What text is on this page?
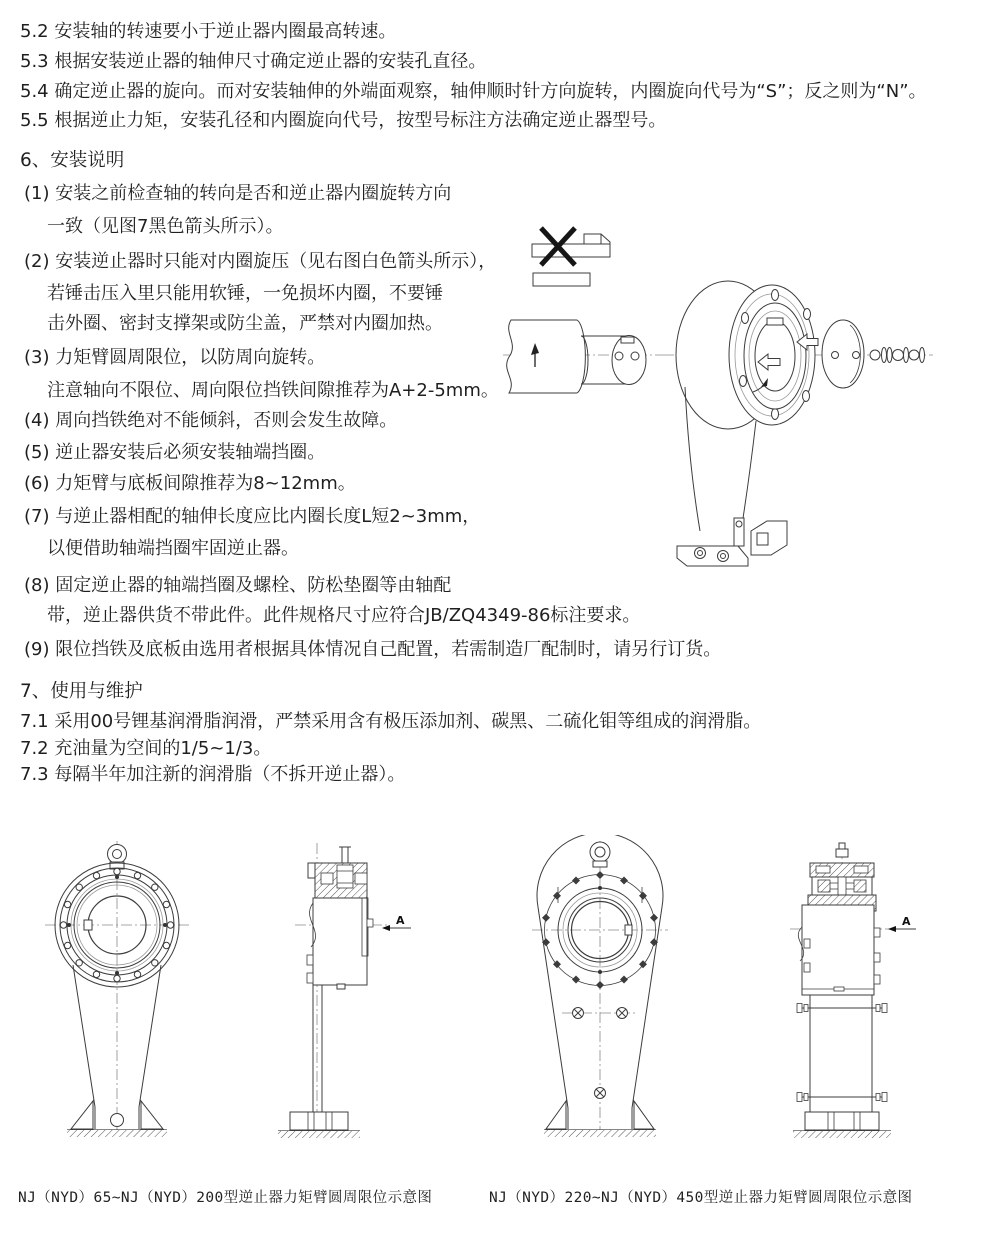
5.2 安装轴的转速要小于逆止器内圈最高转速。
5.3 根据安装逆止器的轴伸尺寸确定逆止器的安装孔直径。
5.4 确定逆止器的旋向。而对安装轴伸的外端面观察，轴伸顺时针方向旋转，内圈旋向代号为“S”；反之则为“N”。
5.5 根据逆止力矩，安装孔径和内圈旋向代号，按型号标注方法确定逆止器型号。
6、安装说明
(1) 安装之前检查轴的转向是否和逆止器内圈旋转方向
一致（见图7黑色箭头所示）。
(2) 安装逆止器时只能对内圈旋压（见右图白色箭头所示），
若锤击压入里只能用软锤，一免损坏内圈，不要锤
击外圈、密封支撑架或防尘盖，严禁对内圈加热。
(3) 力矩臂圆周限位，以防周向旋转。
注意轴向不限位、周向限位挡铁间隙推荐为A+2-5mm。
(4) 周向挡铁绝对不能倾斜，否则会发生故障。
(5) 逆止器安装后必须安装轴端挡圈。
(6) 力矩臂与底板间隙推荐为8~12mm。
(7) 与逆止器相配的轴伸长度应比内圈长度L短2~3mm，
以便借助轴端挡圈牢固逆止器。
(8) 固定逆止器的轴端挡圈及螺栓、防松垫圈等由轴配
带，逆止器供货不带此件。此件规格尺寸应符合JB/ZQ4349-86标注要求。
(9) 限位挡铁及底板由选用者根据具体情况自己配置，若需制造厂配制时，请另行订货。
7、使用与维护
7.1 采用00号锂基润滑脂润滑，严禁采用含有极压添加剂、碳黑、二硫化钼等组成的润滑脂。
7.2 充油量为空间的1/5~1/3。
7.3 每隔半年加注新的润滑脂（不拆开逆止器）。
A	A
NJ（NYD）65~NJ（NYD）200型逆止器力矩臂圆周限位示意图	NJ（NYD）220~NJ（NYD）450型逆止器力矩臂圆周限位示意图
